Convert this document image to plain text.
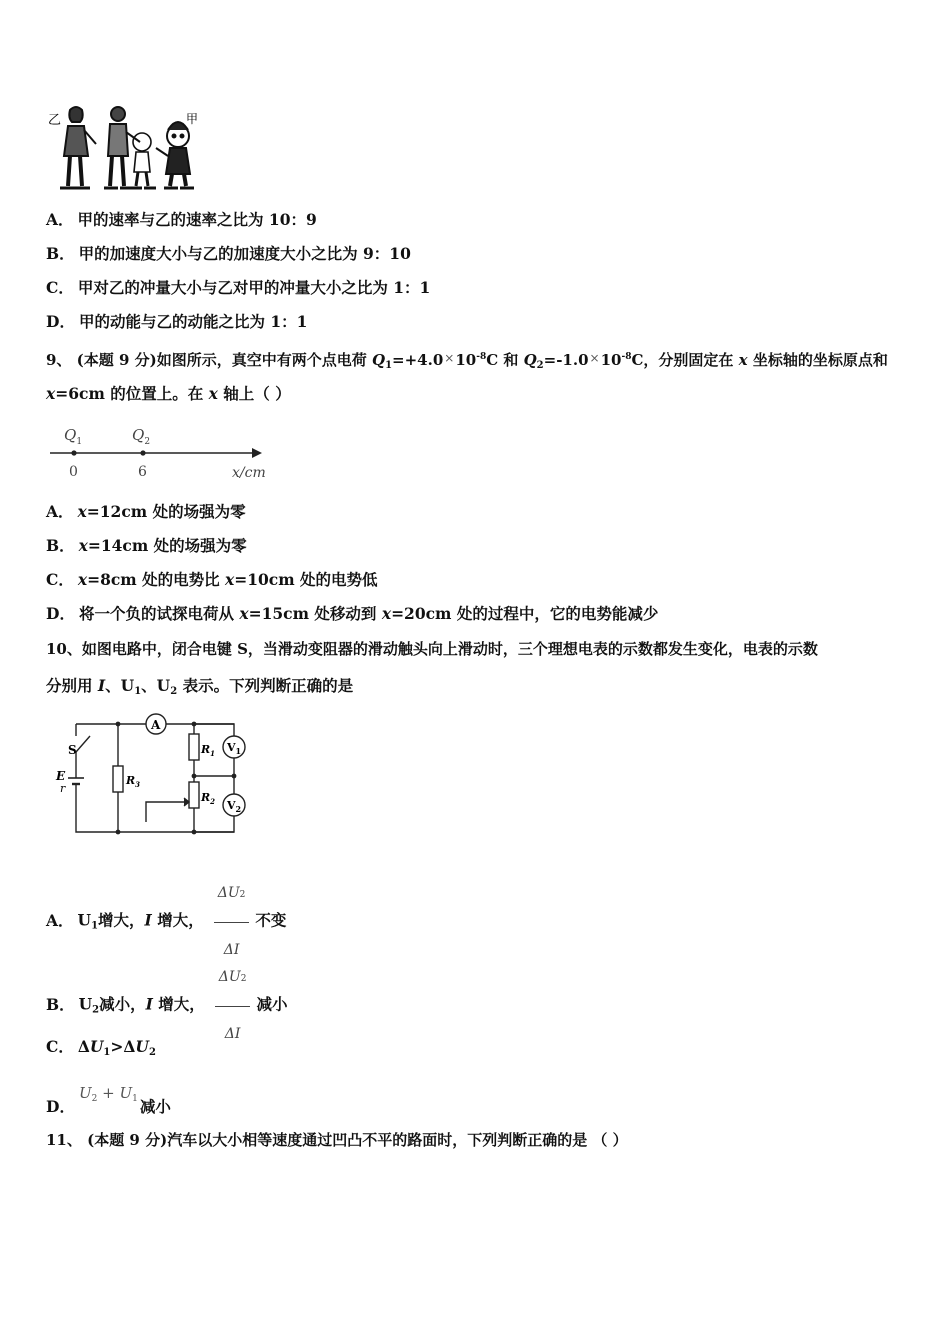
乙	甲
A． 甲的速率与乙的速率之比为 10：9
B． 甲的加速度大小与乙的加速度大小之比为 9：10
C． 甲对乙的冲量大小与乙对甲的冲量大小之比为 1：1
D． 甲的动能与乙的动能之比为 1：1
9、 (本题 9 分)如图所示，真空中有两个点电荷 $Q_1=+4.0^\times 10^{-8}C$ 和 $Q_2=-1.0^\times 10^{-8}C$，分别固定在 x 坐标轴的坐标原点和
x=6cm 的位置上。在 x 轴上（ ）
$Q_1$	$Q_2$
0	6	x/cm
A． x=12cm 处的场强为零
B． x=14cm 处的场强为零
C． x=8cm 处的电势比 x=10cm 处的电势低
D． 将一个负的试探电荷从 x=15cm 处移动到 x=20cm 处的过程中，它的电势能减少
10、如图电路中，闭合电键 S，当滑动变阻器的滑动触头向上滑动时，三个理想电表的示数都发生变化，电表的示数
分别用 I、$U_1$、$U_2$ 表示。下列判断正确的是
A
$V_1$
$V_2$
S
E
r
$R_3$
$R_1$
$R_2$
A． $U_1$增大，I 增大， $\frac{\Delta U2}{\Delta I}$ 不变
B． $U_2$减小，I 增大， $\frac{\Delta U2}{\Delta I}$ 减小
C． $\Delta U_1>\Delta U_2$
D．$U_2 + U_1$ 减小
11、 (本题 9 分)汽车以大小相等速度通过凹凸不平的路面时，下列判断正确的是 （ ）
